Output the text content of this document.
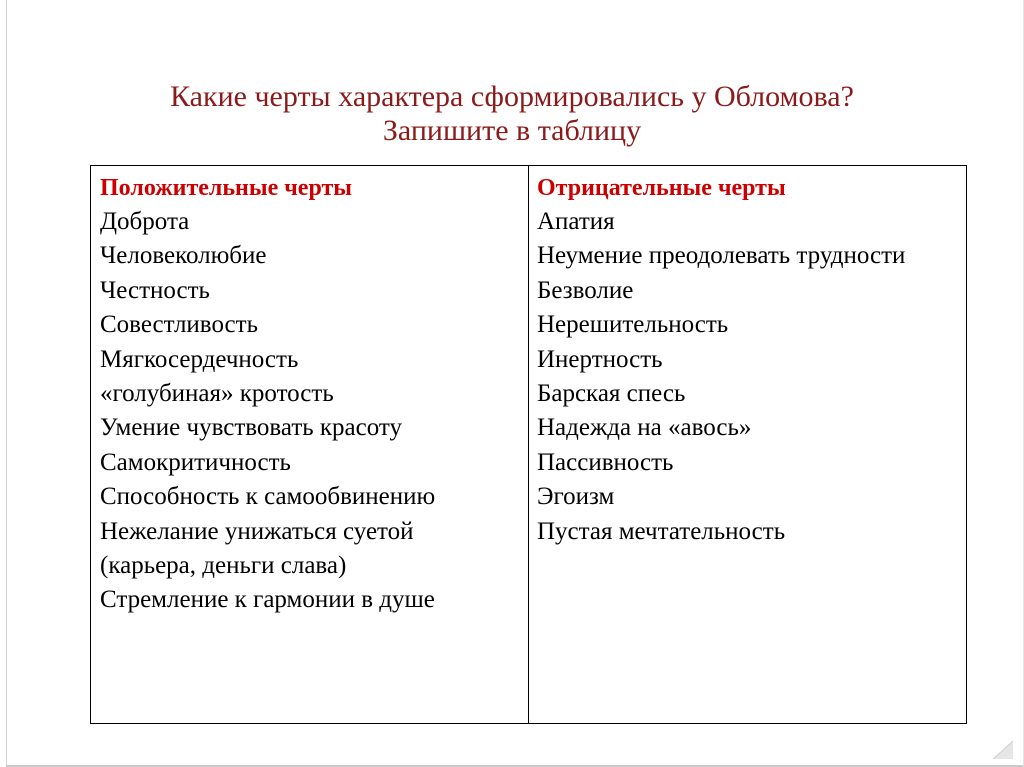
Какие черты характера сформировались у Обломова?
Запишите в таблицу
Положительные черты
Доброта
Человеколюбие
Честность
Совестливость
Мягкосердечность
«голубиная» кротость
Умение чувствовать красоту
Самокритичность
Способность к самообвинению
Нежелание унижаться суетой
(карьера, деньги слава)
Стремление к гармонии в душе
Отрицательные черты
Апатия
Неумение преодолевать трудности
Безволие
Нерешительность
Инертность
Барская спесь
Надежда на «авось»
Пассивность
Эгоизм
Пустая мечтательность
